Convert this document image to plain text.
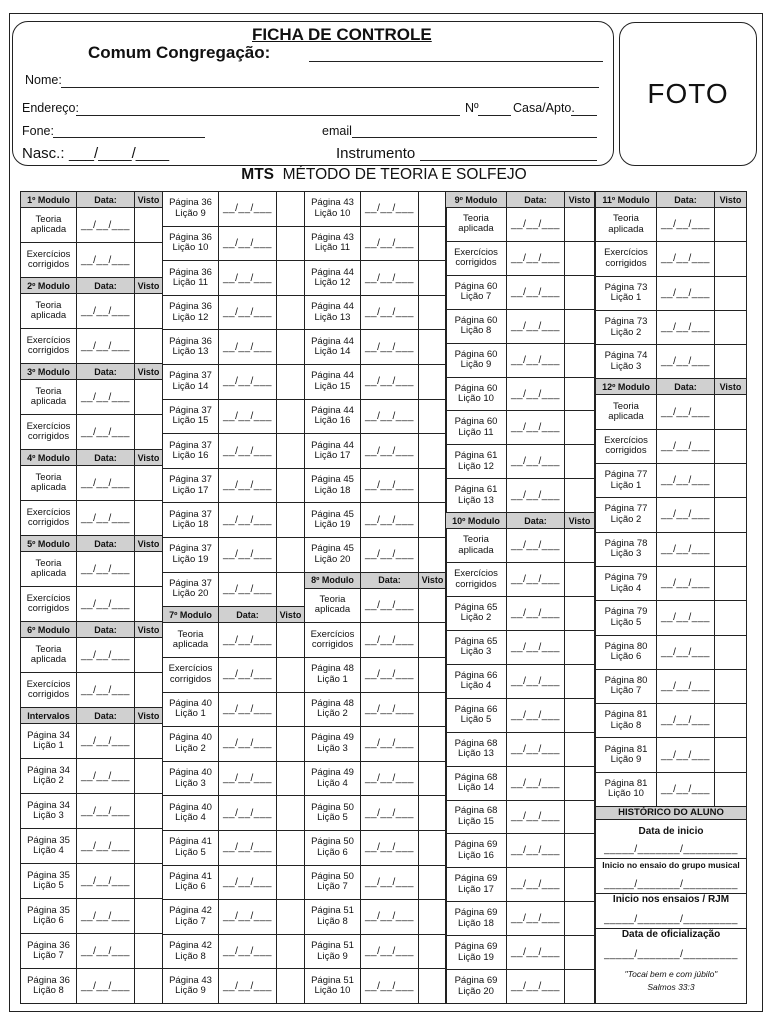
FOTO
FICHA DE CONTROLE
Comum Congregação:
Nome:
Endereço:	Nº	Casa/Apto.
Fone:	email
Nasc.: ___/____/____	Instrumento
MTS MÉTODO DE TEORIA E SOLFEJO
1º Modulo	Data:	Visto
Teoria
aplicada	__/__/___
Exercícios
corrigidos	__/__/___
2º Modulo	Data:	Visto
Teoria
aplicada	__/__/___
Exercícios
corrigidos	__/__/___
3º Modulo	Data:	Visto
Teoria
aplicada	__/__/___
Exercícios
corrigidos	__/__/___
4º Modulo	Data:	Visto
Teoria
aplicada	__/__/___
Exercícios
corrigidos	__/__/___
5º Modulo	Data:	Visto
Teoria
aplicada	__/__/___
Exercícios
corrigidos	__/__/___
6º Modulo	Data:	Visto
Teoria
aplicada	__/__/___
Exercícios
corrigidos	__/__/___
Intervalos	Data:	Visto
Página 34
Lição 1	__/__/___
Página 34
Lição 2	__/__/___
Página 34
Lição 3	__/__/___
Página 35
Lição 4	__/__/___
Página 35
Lição 5	__/__/___
Página 35
Lição 6	__/__/___
Página 36
Lição 7	__/__/___
Página 36
Lição 8	__/__/___
Página 36
Lição 9	__/__/___
Página 36
Lição 10	__/__/___
Página 36
Lição 11	__/__/___
Página 36
Lição 12	__/__/___
Página 36
Lição 13	__/__/___
Página 37
Lição 14	__/__/___
Página 37
Lição 15	__/__/___
Página 37
Lição 16	__/__/___
Página 37
Lição 17	__/__/___
Página 37
Lição 18	__/__/___
Página 37
Lição 19	__/__/___
Página 37
Lição 20	__/__/___
7º Modulo	Data:	Visto
Teoria
aplicada	__/__/___
Exercícios
corrigidos	__/__/___
Página 40
Lição 1	__/__/___
Página 40
Lição 2	__/__/___
Página 40
Lição 3	__/__/___
Página 40
Lição 4	__/__/___
Página 41
Lição 5	__/__/___
Página 41
Lição 6	__/__/___
Página 42
Lição 7	__/__/___
Página 42
Lição 8	__/__/___
Página 43
Lição 9	__/__/___
Página 43
Lição 10	__/__/___
Página 43
Lição 11	__/__/___
Página 44
Lição 12	__/__/___
Página 44
Lição 13	__/__/___
Página 44
Lição 14	__/__/___
Página 44
Lição 15	__/__/___
Página 44
Lição 16	__/__/___
Página 44
Lição 17	__/__/___
Página 45
Lição 18	__/__/___
Página 45
Lição 19	__/__/___
Página 45
Lição 20	__/__/___
8º Modulo	Data:	Visto
Teoria
aplicada	__/__/___
Exercícios
corrigidos	__/__/___
Página 48
Lição 1	__/__/___
Página 48
Lição 2	__/__/___
Página 49
Lição 3	__/__/___
Página 49
Lição 4	__/__/___
Página 50
Lição 5	__/__/___
Página 50
Lição 6	__/__/___
Página 50
Lição 7	__/__/___
Página 51
Lição 8	__/__/___
Página 51
Lição 9	__/__/___
Página 51
Lição 10	__/__/___
9º Modulo	Data:	Visto
Teoria
aplicada	__/__/___
Exercícios
corrigidos	__/__/___
Página 60
Lição 7	__/__/___
Página 60
Lição 8	__/__/___
Página 60
Lição 9	__/__/___
Página 60
Lição 10	__/__/___
Página 60
Lição 11	__/__/___
Página 61
Lição 12	__/__/___
Página 61
Lição 13	__/__/___
10º Modulo	Data:	Visto
Teoria
aplicada	__/__/___
Exercícios
corrigidos	__/__/___
Página 65
Lição 2	__/__/___
Página 65
Lição 3	__/__/___
Página 66
Lição 4	__/__/___
Página 66
Lição 5	__/__/___
Página 68
Lição 13	__/__/___
Página 68
Lição 14	__/__/___
Página 68
Lição 15	__/__/___
Página 69
Lição 16	__/__/___
Página 69
Lição 17	__/__/___
Página 69
Lição 18	__/__/___
Página 69
Lição 19	__/__/___
Página 69
Lição 20	__/__/___
11º Modulo	Data:	Visto
Teoria
aplicada	__/__/___
Exercícios
corrigidos	__/__/___
Página 73
Lição 1	__/__/___
Página 73
Lição 2	__/__/___
Página 74
Lição 3	__/__/___
12º Modulo	Data:	Visto
Teoria
aplicada	__/__/___
Exercícios
corrigidos	__/__/___
Página 77
Lição 1	__/__/___
Página 77
Lição 2	__/__/___
Página 78
Lição 3	__/__/___
Página 79
Lição 4	__/__/___
Página 79
Lição 5	__/__/___
Página 80
Lição 6	__/__/___
Página 80
Lição 7	__/__/___
Página 81
Lição 8	__/__/___
Página 81
Lição 9	__/__/___
Página 81
Lição 10	__/__/___
HISTÓRICO DO ALUNO
Data de inicio
_____/_______/_________
Inicio no ensaio do grupo musical
_____/_______/_________
Inicio nos ensaios / RJM
_____/_______/_________
Data de oficialização
_____/_______/_________
"Tocai bem e com júbilo"
Salmos 33:3
